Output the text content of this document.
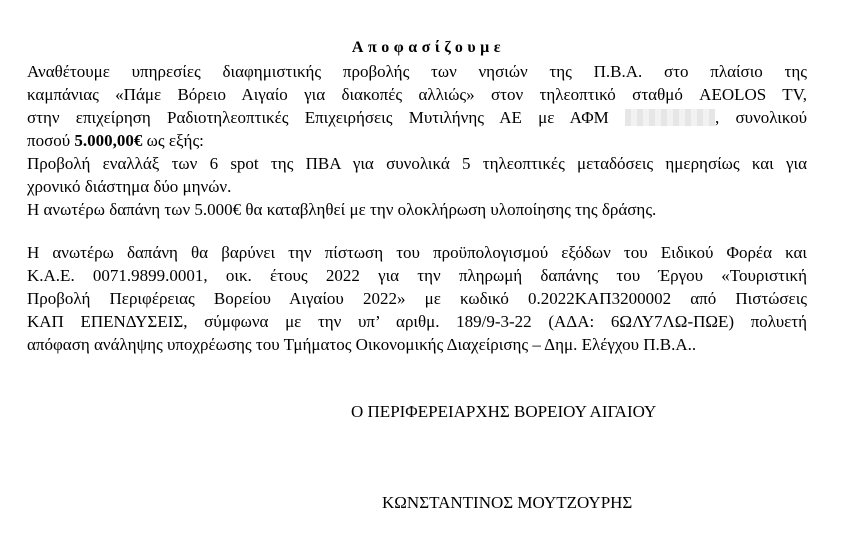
Αποφασίζουμε
Αναθέτουμε υπηρεσίες διαφημιστικής προβολής των νησιών της Π.Β.Α. στο πλαίσιο της
καμπάνιας «Πάμε Βόρειο Αιγαίο για διακοπές αλλιώς» στον τηλεοπτικό σταθμό AEOLOS TV,
στην επιχείρηση Ραδιοτηλεοπτικές Επιχειρήσεις Μυτιλήνης ΑΕ με ΑΦΜ	, συνολικού
ποσού 5.000,00€ ως εξής:
Προβολή εναλλάξ των 6 spot της ΠΒΑ για συνολικά 5 τηλεοπτικές μεταδόσεις ημερησίως και για
χρονικό διάστημα δύο μηνών.
Η ανωτέρω δαπάνη των 5.000€ θα καταβληθεί με την ολοκλήρωση υλοποίησης της δράσης.
Η ανωτέρω δαπάνη θα βαρύνει την πίστωση του προϋπολογισμού εξόδων του Ειδικού Φορέα και
Κ.Α.Ε. 0071.9899.0001, οικ. έτους 2022 για την πληρωμή δαπάνης του Έργου «Τουριστική
Προβολή Περιφέρειας Βορείου Αιγαίου 2022» με κωδικό 0.2022ΚΑΠ3200002 από Πιστώσεις
ΚΑΠ ΕΠΕΝΔΥΣΕΙΣ, σύμφωνα με την υπ’ αριθμ. 189/9-3-22 (ΑΔΑ: 6ΩΛΥ7ΛΩ-ΠΩΕ) πολυετή
απόφαση ανάληψης υποχρέωσης του Τμήματος Οικονομικής Διαχείρισης – Δημ. Ελέγχου Π.Β.Α..
Ο ΠΕΡΙΦΕΡΕΙΑΡΧΗΣ ΒΟΡΕΙΟΥ ΑΙΓΑΙΟΥ
ΚΩΝΣΤΑΝΤΙΝΟΣ ΜΟΥΤΖΟΥΡΗΣ
